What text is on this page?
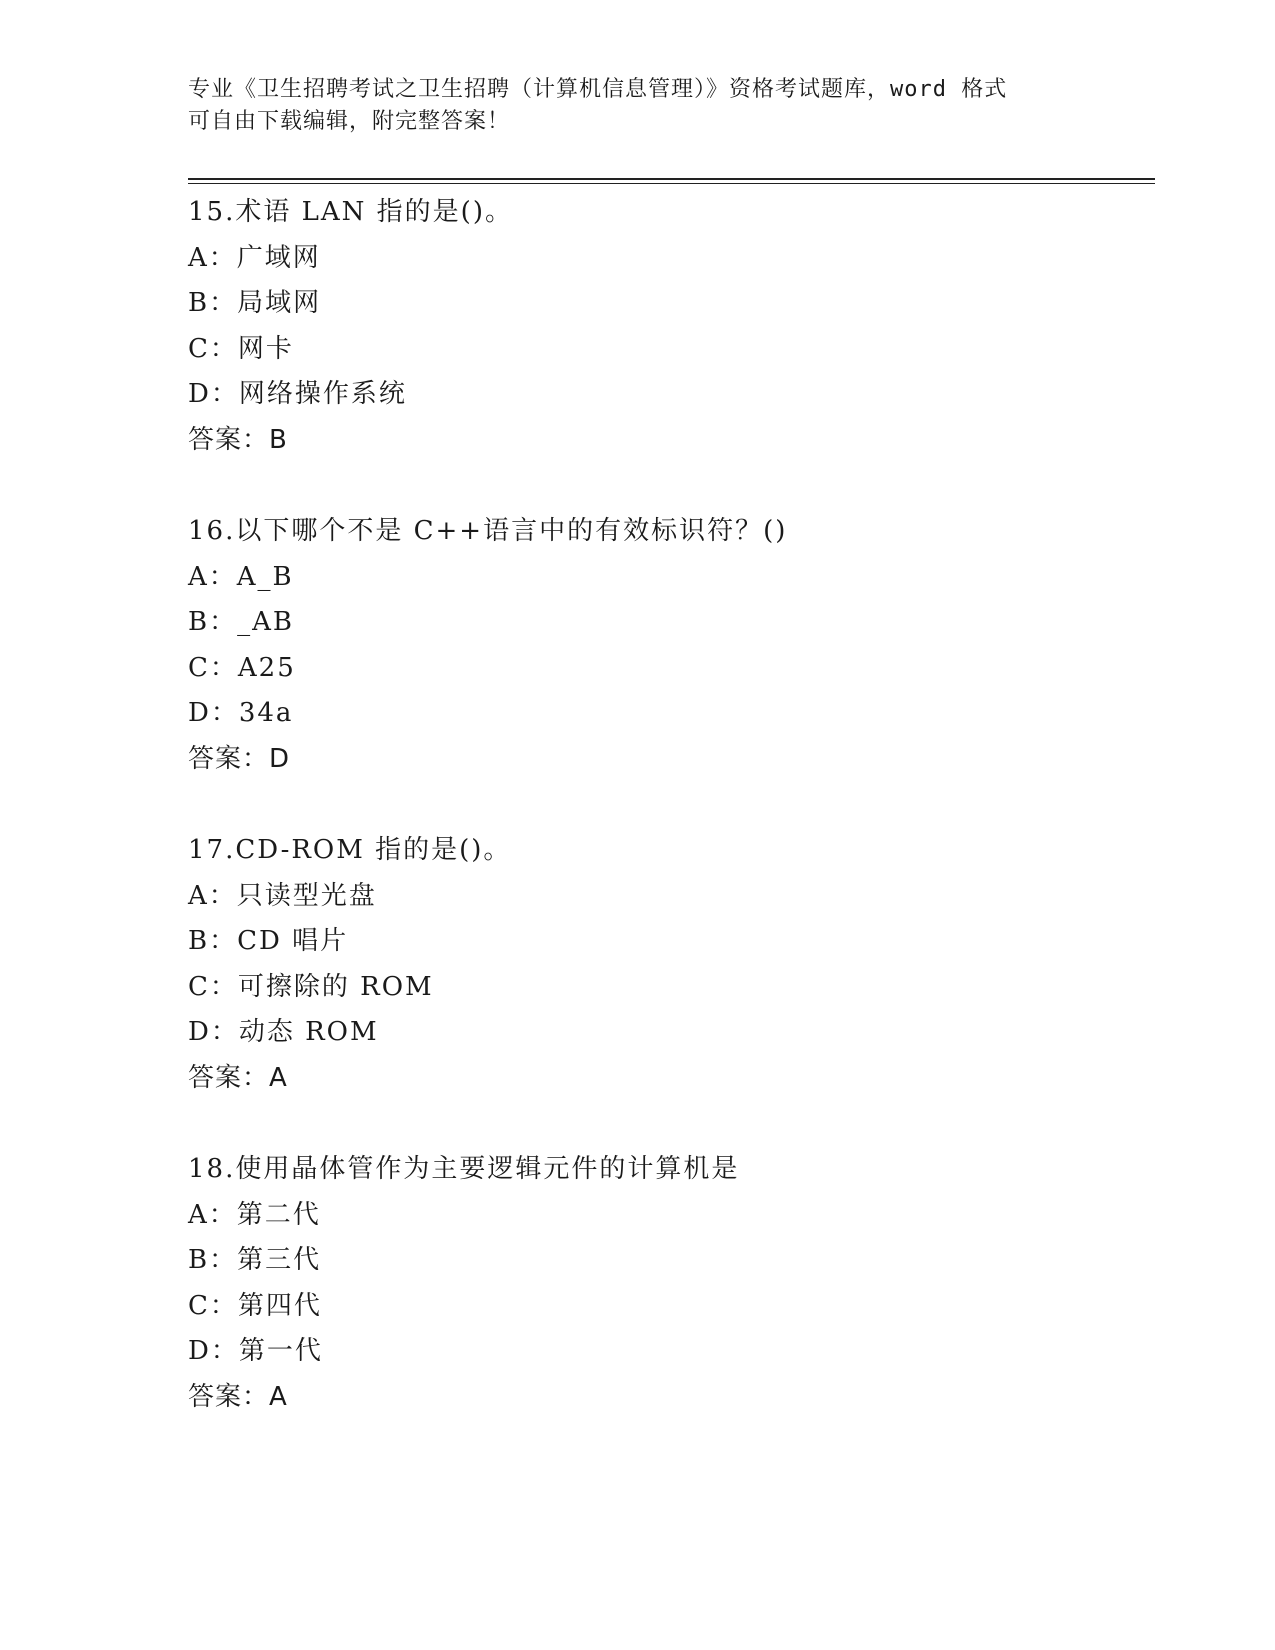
专业《卫生招聘考试之卫生招聘（计算机信息管理）》资格考试题库，word 格式
可自由下载编辑，附完整答案！
15.术语 LAN 指的是()。
A：广域网
B：局域网
C：网卡
D：网络操作系统
答案：B
16.以下哪个不是 C++语言中的有效标识符？()
A：A_B
B：_AB
C：A25
D：34a
答案：D
17.CD-ROM 指的是()。
A：只读型光盘
B：CD 唱片
C：可擦除的 ROM
D：动态 ROM
答案：A
18.使用晶体管作为主要逻辑元件的计算机是
A：第二代
B：第三代
C：第四代
D：第一代
答案：A
